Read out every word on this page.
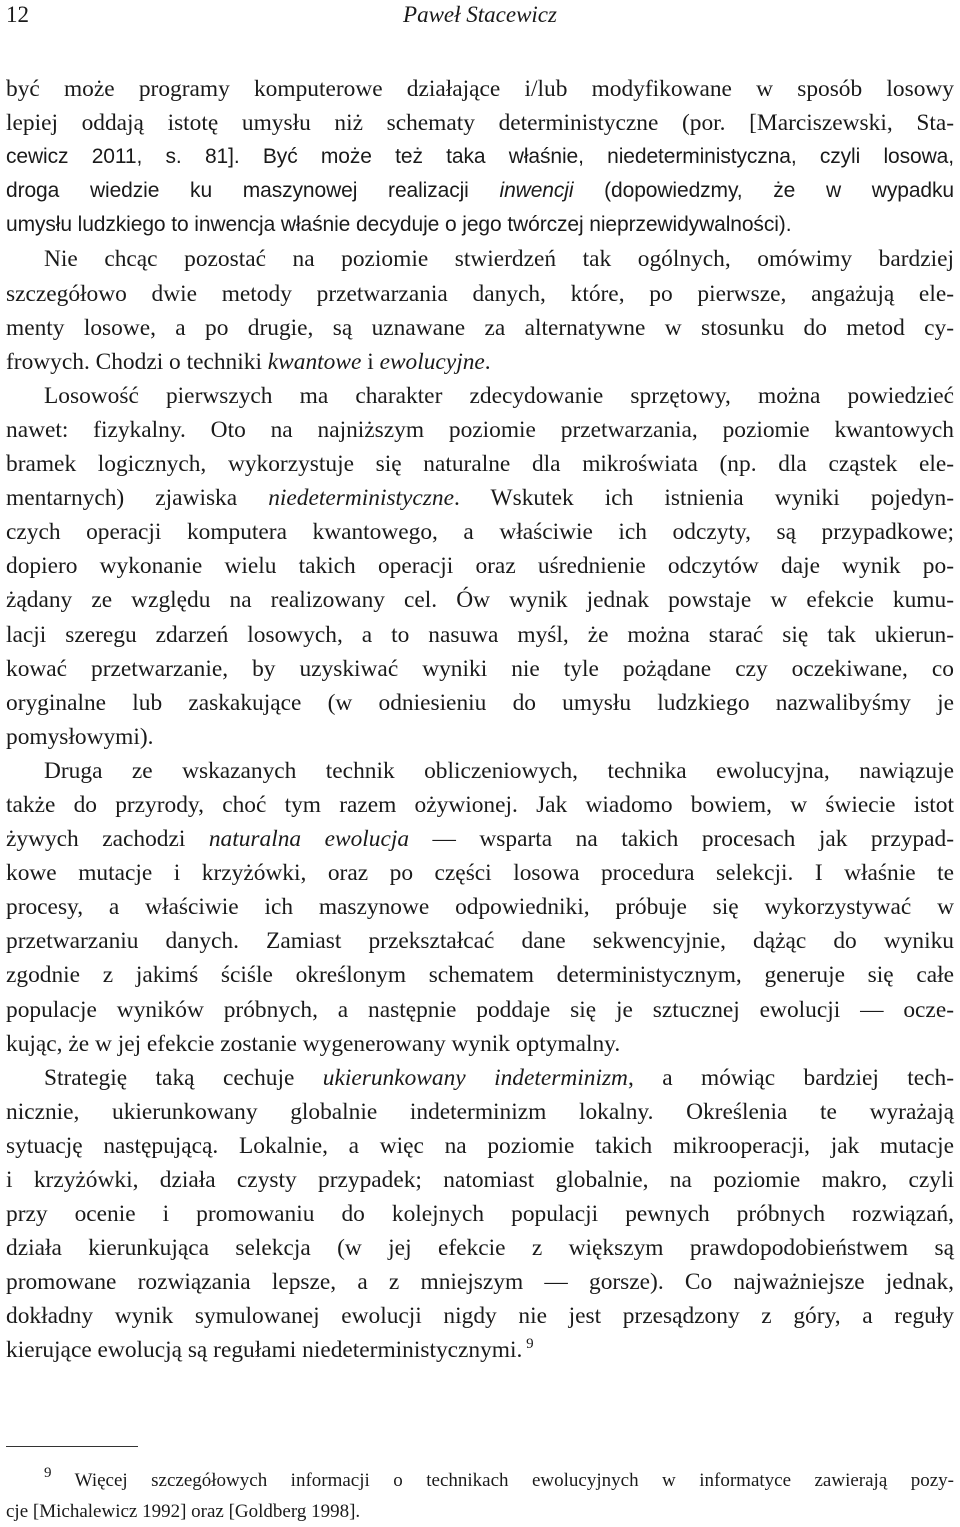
12	Paweł Stacewicz
być może programy komputerowe działające i/lub modyfikowane w sposób losowy
lepiej oddają istotę umysłu niż schematy deterministyczne (por. [Marciszewski, Sta-
cewicz 2011, s. 81]. Być może też taka właśnie, niedeterministyczna, czyli losowa,
droga wiedzie ku maszynowej realizacji inwencji (dopowiedzmy, że w wypadku
umysłu ludzkiego to inwencja właśnie decyduje o jego twórczej nieprzewidywalności).
Nie chcąc pozostać na poziomie stwierdzeń tak ogólnych, omówimy bardziej
szczegółowo dwie metody przetwarzania danych, które, po pierwsze, angażują ele-
menty losowe, a po drugie, są uznawane za alternatywne w stosunku do metod cy-
frowych. Chodzi o techniki kwantowe i ewolucyjne.
Losowość pierwszych ma charakter zdecydowanie sprzętowy, można powiedzieć
nawet: fizykalny. Oto na najniższym poziomie przetwarzania, poziomie kwantowych
bramek logicznych, wykorzystuje się naturalne dla mikroświata (np. dla cząstek ele-
mentarnych) zjawiska niedeterministyczne. Wskutek ich istnienia wyniki pojedyn-
czych operacji komputera kwantowego, a właściwie ich odczyty, są przypadkowe;
dopiero wykonanie wielu takich operacji oraz uśrednienie odczytów daje wynik po-
żądany ze względu na realizowany cel. Ów wynik jednak powstaje w efekcie kumu-
lacji szeregu zdarzeń losowych, a to nasuwa myśl, że można starać się tak ukierun-
kować przetwarzanie, by uzyskiwać wyniki nie tyle pożądane czy oczekiwane, co
oryginalne lub zaskakujące (w odniesieniu do umysłu ludzkiego nazwalibyśmy je
pomysłowymi).
Druga ze wskazanych technik obliczeniowych, technika ewolucyjna, nawiązuje
także do przyrody, choć tym razem ożywionej. Jak wiadomo bowiem, w świecie istot
żywych zachodzi naturalna ewolucja — wsparta na takich procesach jak przypad-
kowe mutacje i krzyżówki, oraz po części losowa procedura selekcji. I właśnie te
procesy, a właściwie ich maszynowe odpowiedniki, próbuje się wykorzystywać w
przetwarzaniu danych. Zamiast przekształcać dane sekwencyjnie, dążąc do wyniku
zgodnie z jakimś ściśle określonym schematem deterministycznym, generuje się całe
populacje wyników próbnych, a następnie poddaje się je sztucznej ewolucji — ocze-
kując, że w jej efekcie zostanie wygenerowany wynik optymalny.
Strategię taką cechuje ukierunkowany indeterminizm, a mówiąc bardziej tech-
nicznie, ukierunkowany globalnie indeterminizm lokalny. Określenia te wyrażają
sytuację następującą. Lokalnie, a więc na poziomie takich mikrooperacji, jak mutacje
i krzyżówki, działa czysty przypadek; natomiast globalnie, na poziomie makro, czyli
przy ocenie i promowaniu do kolejnych populacji pewnych próbnych rozwiązań,
działa kierunkująca selekcja (w jej efekcie z większym prawdopodobieństwem są
promowane rozwiązania lepsze, a z mniejszym — gorsze). Co najważniejsze jednak,
dokładny wynik symulowanej ewolucji nigdy nie jest przesądzony z góry, a reguły
kierujące ewolucją są regułami niedeterministycznymi. $^9$
$^9$ Więcej szczegółowych informacji o technikach ewolucyjnych w informatyce zawierają pozy-
cje [Michalewicz 1992] oraz [Goldberg 1998].
